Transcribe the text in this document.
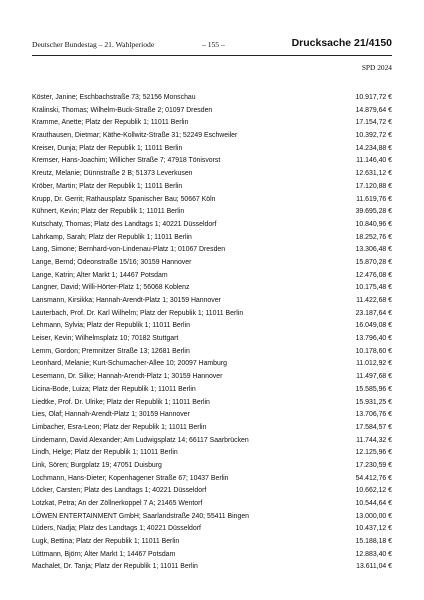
Deutscher Bundestag – 21. Wahlperiode	– 155 –	Drucksache 21/4150
SPD 2024
Köster, Janine; Eschbachstraße 73; 52156 Monschau	10.917,72 €
Kralinski, Thomas; Wilhelm-Buck-Straße 2; 01097 Dresden	14.879,64 €
Kramme, Anette; Platz der Republik 1; 11011 Berlin	17.154,72 €
Krauthausen, Dietmar; Käthe-Kollwitz-Straße 31; 52249 Eschweiler	10.392,72 €
Kreiser, Dunja; Platz der Republik 1; 11011 Berlin	14.234,88 €
Kremser, Hans-Joachim; Willicher Straße 7; 47918 Tönisvorst	11.146,40 €
Kreutz, Melanie; Dünnstraße 2 B; 51373 Leverkusen	12.631,12 €
Kröber, Martin; Platz der Republik 1; 11011 Berlin	17.120,88 €
Krupp, Dr. Gerrit; Rathausplatz Spanischer Bau; 50667 Köln	11.619,76 €
Kühnert, Kevin; Platz der Republik 1; 11011 Berlin	39.695,28 €
Kutschaty, Thomas; Platz des Landtags 1; 40221 Düsseldorf	10.840,96 €
Lahrkamp, Sarah; Platz der Republik 1; 11011 Berlin	18.252,76 €
Lang, Simone; Bernhard-von-Lindenau-Platz 1; 01067 Dresden	13.306,48 €
Lange, Bernd; Odeonstraße 15/16; 30159 Hannover	15.870,28 €
Lange, Katrin; Alter Markt 1; 14467 Potsdam	12.476,08 €
Langner, David; Willi-Hörter-Platz 1; 56068 Koblenz	10.175,48 €
Lansmann, Kirsikka; Hannah-Arendt-Platz 1; 30159 Hannover	11.422,68 €
Lauterbach, Prof. Dr. Karl Wilhelm; Platz der Republik 1; 11011 Berlin	23.187,64 €
Lehmann, Sylvia; Platz der Republik 1; 11011 Berlin	16.049,08 €
Leiser, Kevin; Wilhelmsplatz 10; 70182 Stuttgart	13.796,40 €
Lemm, Gordon; Premnitzer Straße 13; 12681 Berlin	10.178,60 €
Leonhard, Melanie; Kurt-Schumacher-Allee 10; 20097 Hamburg	11.012,92 €
Lesemann, Dr. Silke; Hannah-Arendt-Platz 1; 30159 Hannover	11.497,68 €
Licina-Bode, Luiza; Platz der Republik 1; 11011 Berlin	15.585,96 €
Liedtke, Prof. Dr. Ulrike; Platz der Republik 1; 11011 Berlin	15.931,25 €
Lies, Olaf; Hannah-Arendt-Platz 1; 30159 Hannover	13.706,76 €
Limbacher, Esra-Leon; Platz der Republik 1; 11011 Berlin	17.584,57 €
Lindemann, David Alexander; Am Ludwigsplatz 14; 66117 Saarbrücken	11.744,32 €
Lindh, Helge; Platz der Republik 1; 11011 Berlin	12.125,96 €
Link, Sören; Burgplatz 19; 47051 Duisburg	17.230,59 €
Lochmann, Hans-Dieter; Kopenhagener Straße 67; 10437 Berlin	54.412,76 €
Löcker, Carsten; Platz des Landtags 1; 40221 Düsseldorf	10.662,12 €
Lotzkat, Petra; An der Zöllnerkoppel 7 A; 21465 Wentorf	10.544,64 €
LÖWEN ENTERTAINMENT GmbH; Saarlandstraße 240; 55411 Bingen	13.000,00 €
Lüders, Nadja; Platz des Landtags 1; 40221 Düsseldorf	10.437,12 €
Lugk, Bettina; Platz der Republik 1; 11011 Berlin	15.188,18 €
Lüttmann, Björn; Alter Markt 1; 14467 Potsdam	12.883,40 €
Machalet, Dr. Tanja; Platz der Republik 1; 11011 Berlin	13.611,04 €
